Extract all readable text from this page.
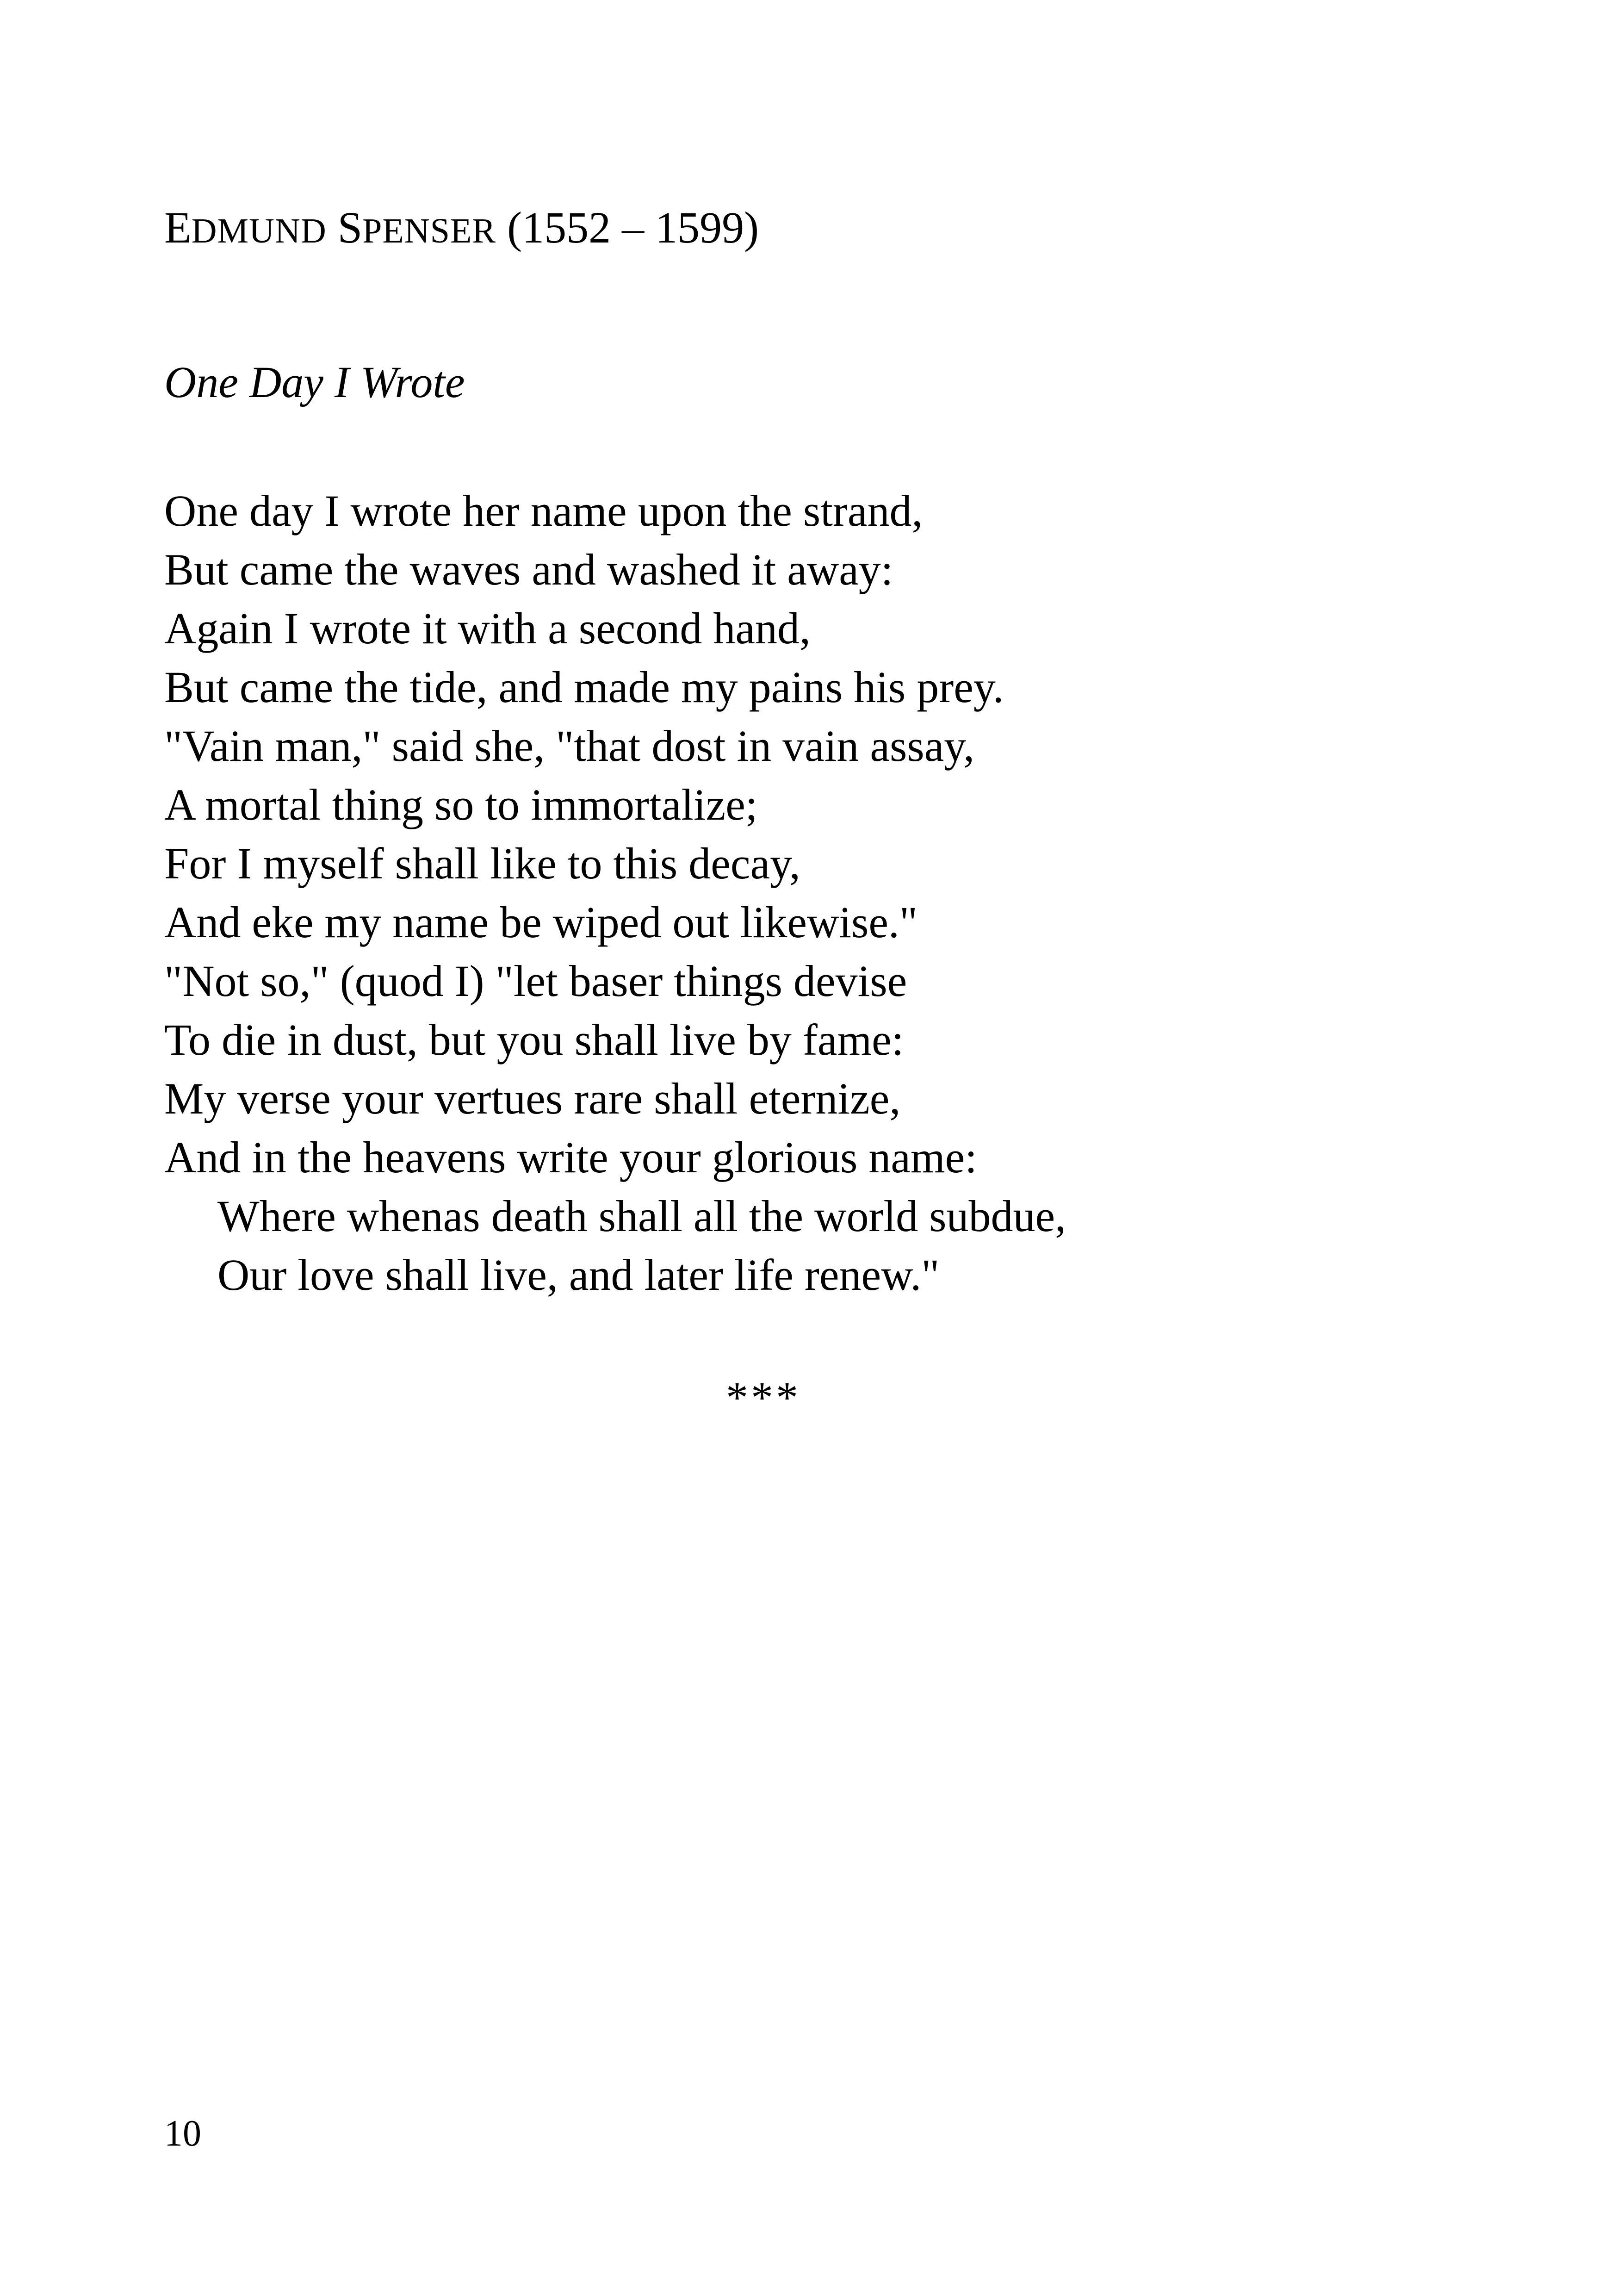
EDMUND SPENSER (1552 – 1599)
One Day I Wrote
One day I wrote her name upon the strand,
But came the waves and washed it away:
Again I wrote it with a second hand,
But came the tide, and made my pains his prey.
"Vain man," said she, "that dost in vain assay,
A mortal thing so to immortalize;
For I myself shall like to this decay,
And eke my name be wiped out likewise."
"Not so," (quod I) "let baser things devise
To die in dust, but you shall live by fame:
My verse your vertues rare shall eternize,
And in the heavens write your glorious name:
Where whenas death shall all the world subdue,
Our love shall live, and later life renew."
***
10
